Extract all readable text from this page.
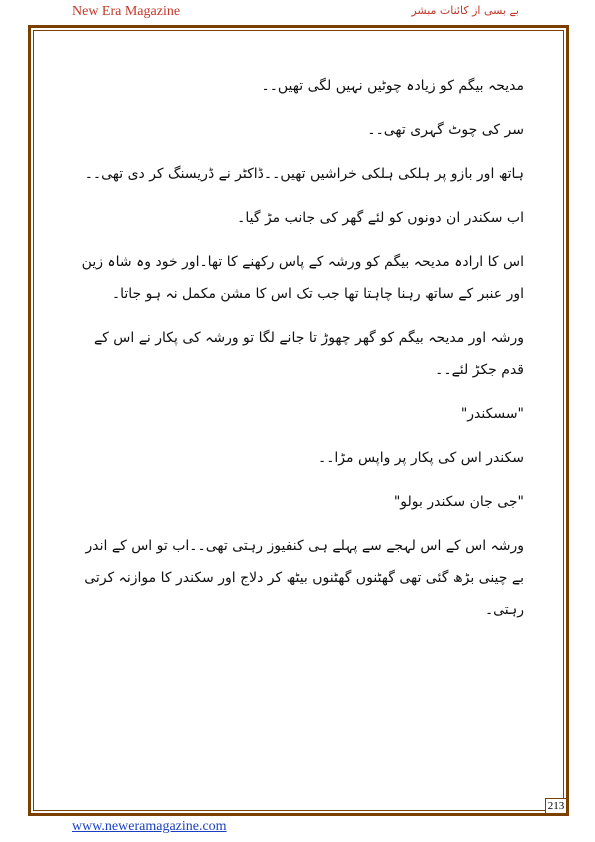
New Era Magazine	بے بسی از کائنات مبشر

مدیحہ بیگم کو زیادہ چوٹیں نہیں لگی تھیں۔۔

سر کی چوٹ گہری تھی۔۔

ہاتھ اور بازو پر ہلکی ہلکی خراشیں تھیں۔۔ڈاکٹر نے ڈریسنگ کر دی تھی۔۔

اب سکندر ان دونوں کو لئے گھر کی جانب مڑ گیا۔

اس کا ارادہ مدیحہ بیگم کو ورشہ کے پاس رکھنے کا تھا۔اور خود وہ شاہ زین اور عنبر کے ساتھ رہنا چاہتا تھا جب تک اس کا مشن مکمل نہ ہو جاتا۔

ورشہ اور مدیحہ بیگم کو گھر چھوڑ تا جانے لگا تو ورشہ کی پکار نے اس کے قدم جکڑ لئے۔۔

"سسکندر"

سکندر اس کی پکار پر واپس مڑا۔۔

"جی جان سکندر بولو"

ورشہ اس کے اس لہجے سے پہلے ہی کنفیوز رہتی تھی۔۔اب تو اس کے اندر بے چینی بڑھ گئی تھی گھٹنوں گھٹنوں بیٹھ کر دلاج اور سکندر کا موازنہ کرتی رہتی۔

213
www.neweramagazine.com
